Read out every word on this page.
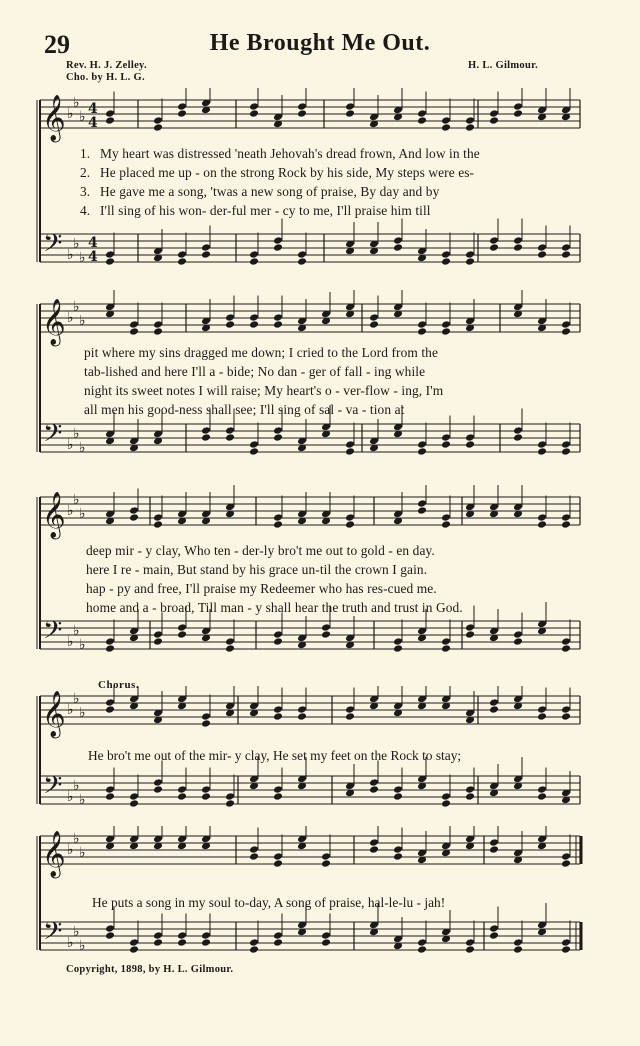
29	He Brought Me Out.
Rev. H. J. Zelley.
Cho. by H. L. G.
H. L. Gilmour.
𝄞 ♭
♭
♭ 4
4
𝄢 ♭
♭
♭
4
4
𝄞 ♭
♭
♭
𝄢 ♭
♭
♭
𝄞 ♭
♭
♭
𝄢 ♭
♭
♭
𝄞 ♭
♭
♭
𝄢 ♭
♭
♭
𝄞 ♭
♭
♭
𝄢 ♭
♭
♭
1. My heart was distressed 'neath Jehovah's dread frown, And low in the
2. He placed me up - on the strong Rock by his side, My steps were es-
3. He gave me a song, 'twas a new song of praise, By day and by
4. I'll sing of his won- der-ful mer - cy to me, I'll praise him till
pit where my sins dragged me down; I cried to the Lord from the
tab-lished and here I'll a - bide; No dan - ger of fall - ing while
night its sweet notes I will raise; My heart's o - ver-flow - ing, I'm
all men his good-ness shall see; I'll sing of sal - va - tion at
deep mir - y clay, Who ten - der-ly bro't me out to gold - en day.
here I re - main, But stand by his grace un-til the crown I gain.
hap - py and free, I'll praise my Redeemer who has res-cued me.
home and a - broad, Till man - y shall hear the truth and trust in God.
Chorus.
He bro't me out of the mir- y clay, He set my feet on the Rock to stay;
He puts a song in my soul to-day, A song of praise, hal-le-lu - jah!
Copyright, 1898, by H. L. Gilmour.
